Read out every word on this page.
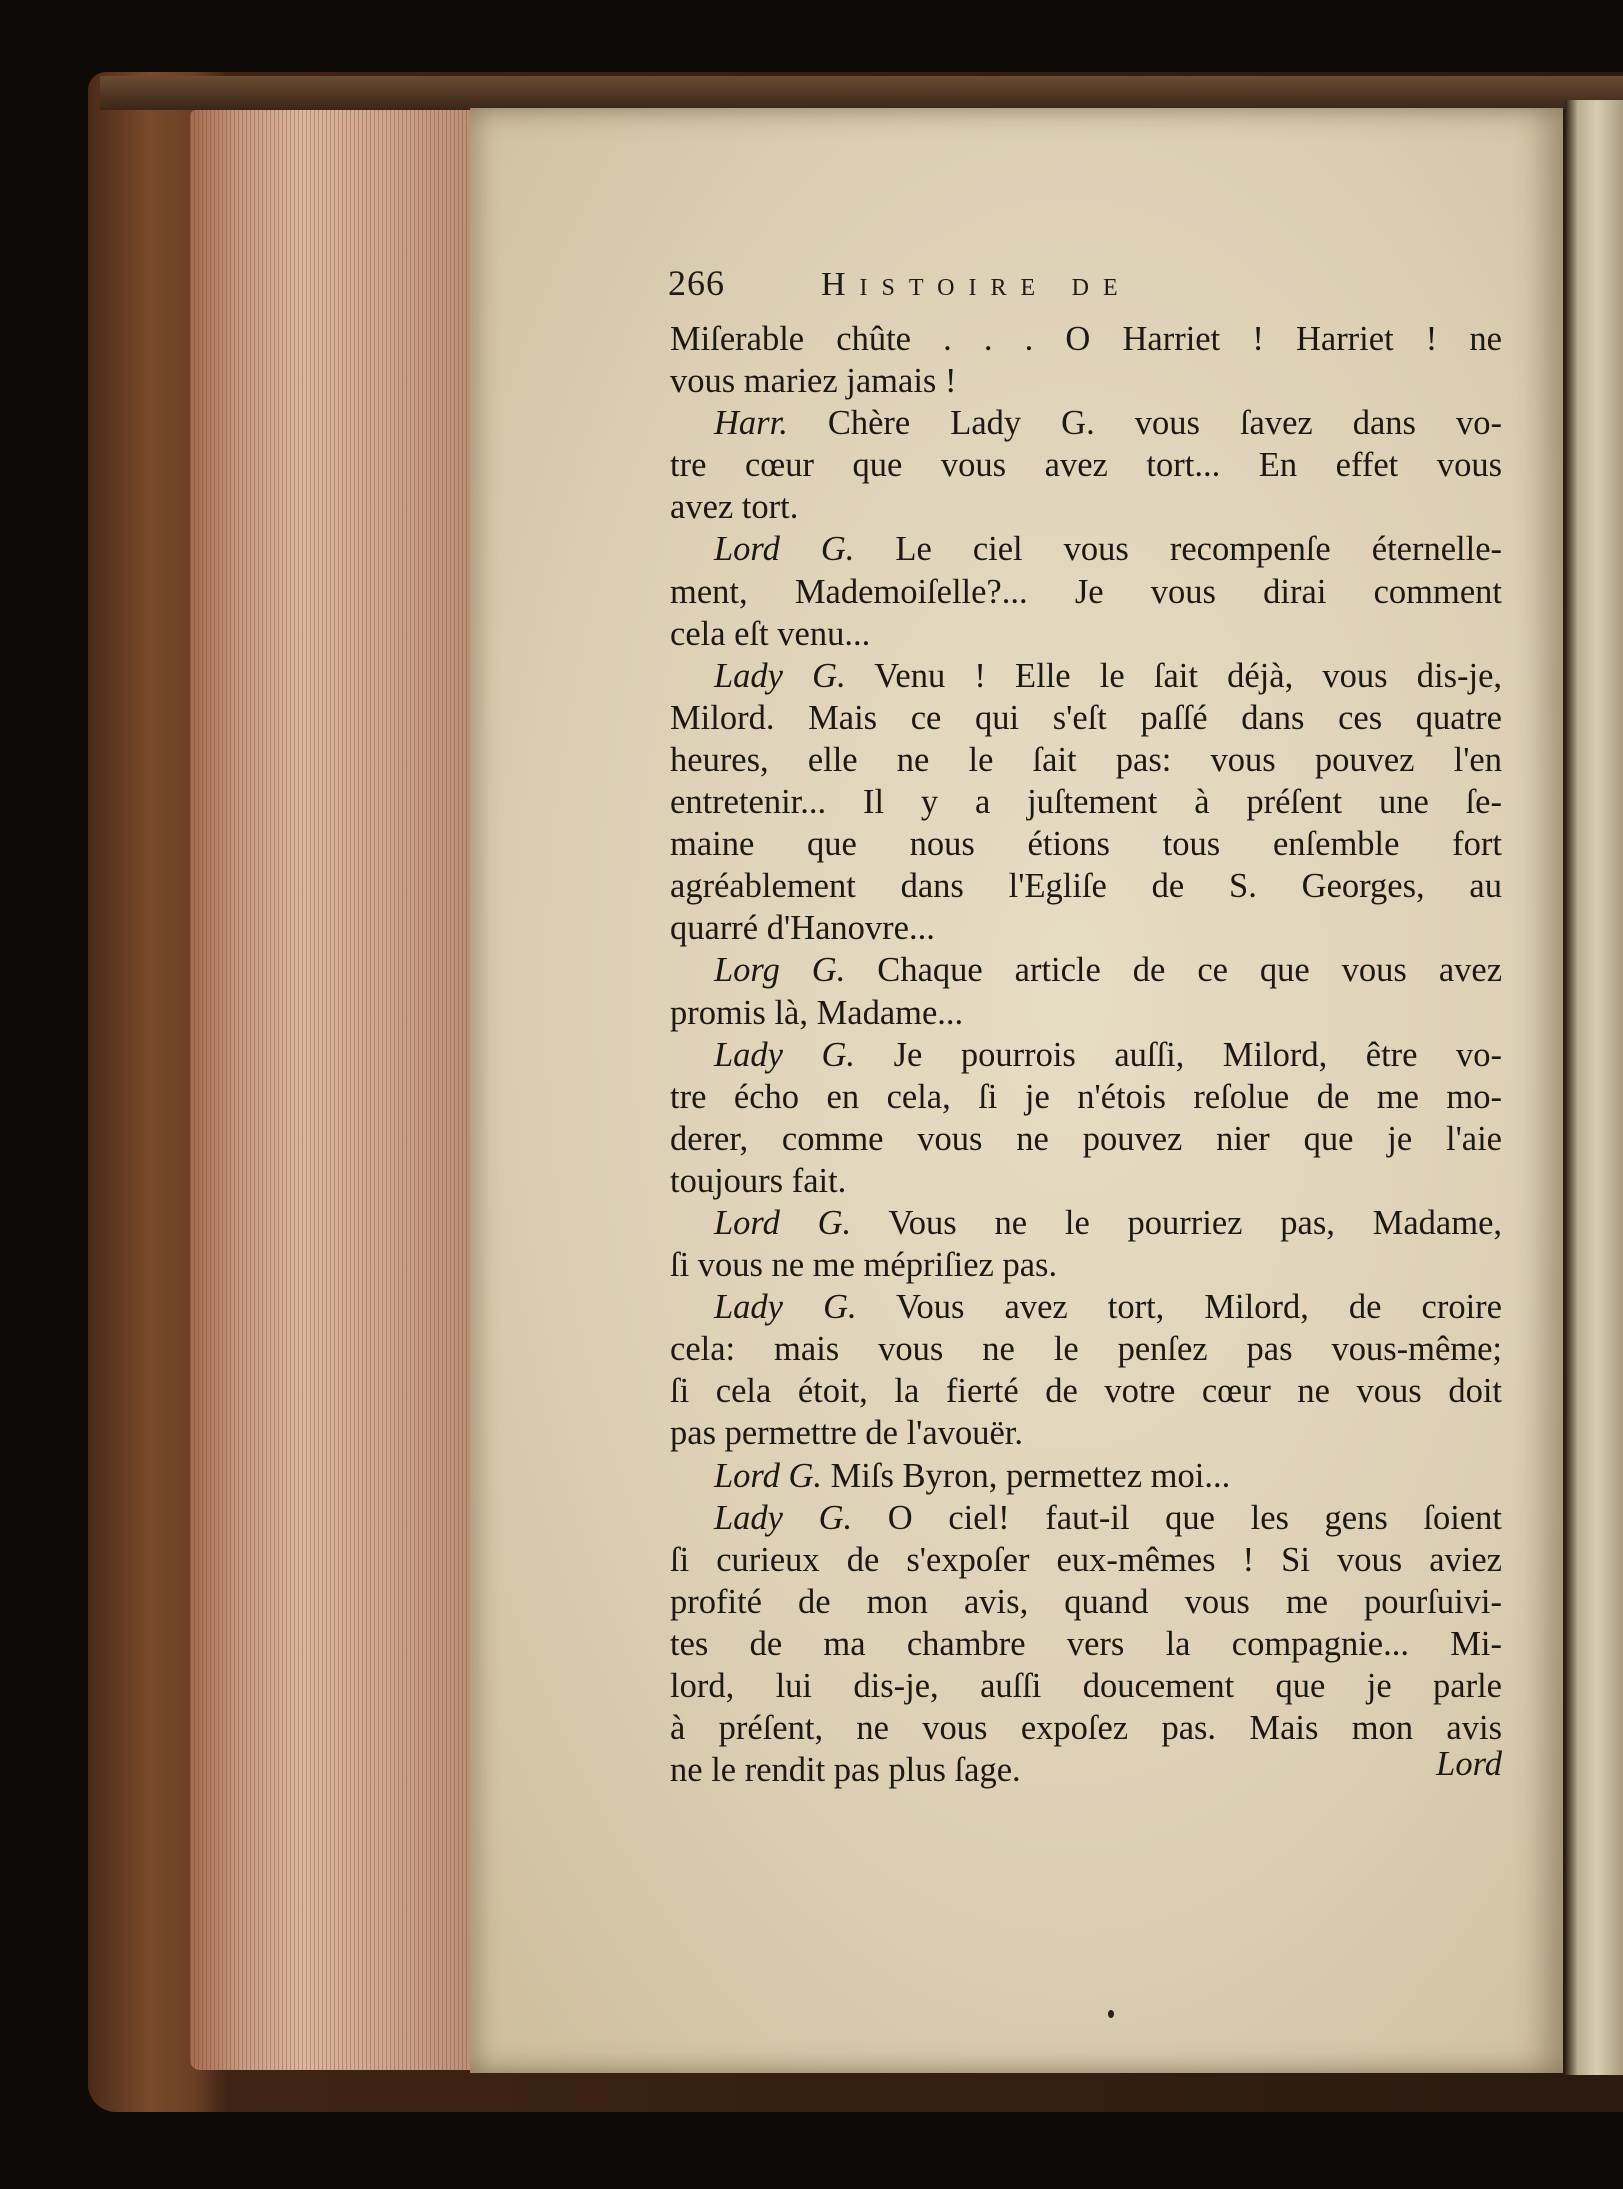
266	Histoire de
Miſerable chûte . . . O Harriet ! Harriet ! ne
vous mariez jamais !
Harr. Chère Lady G. vous ſavez dans vo-
tre cœur que vous avez tort... En effet vous
avez tort.
Lord G. Le ciel vous recompenſe éternelle-
ment, Mademoiſelle?... Je vous dirai comment
cela eſt venu...
Lady G. Venu ! Elle le ſait déjà, vous dis-je,
Milord. Mais ce qui s'eſt paſſé dans ces quatre
heures, elle ne le ſait pas: vous pouvez l'en
entretenir... Il y a juſtement à préſent une ſe-
maine que nous étions tous enſemble fort
agréablement dans l'Egliſe de S. Georges, au
quarré d'Hanovre...
Lorg G. Chaque article de ce que vous avez
promis là, Madame...
Lady G. Je pourrois auſſi, Milord, être vo-
tre écho en cela, ſi je n'étois reſolue de me mo-
derer, comme vous ne pouvez nier que je l'aie
toujours fait.
Lord G. Vous ne le pourriez pas, Madame,
ſi vous ne me mépriſiez pas.
Lady G. Vous avez tort, Milord, de croire
cela: mais vous ne le penſez pas vous-même;
ſi cela étoit, la fierté de votre cœur ne vous doit
pas permettre de l'avouër.
Lord G. Miſs Byron, permettez moi...
Lady G. O ciel! faut-il que les gens ſoient
ſi curieux de s'expoſer eux-mêmes ! Si vous aviez
profité de mon avis, quand vous me pourſuivi-
tes de ma chambre vers la compagnie... Mi-
lord, lui dis-je, auſſi doucement que je parle
à préſent, ne vous expoſez pas. Mais mon avis
ne le rendit pas plus ſage.	Lord
